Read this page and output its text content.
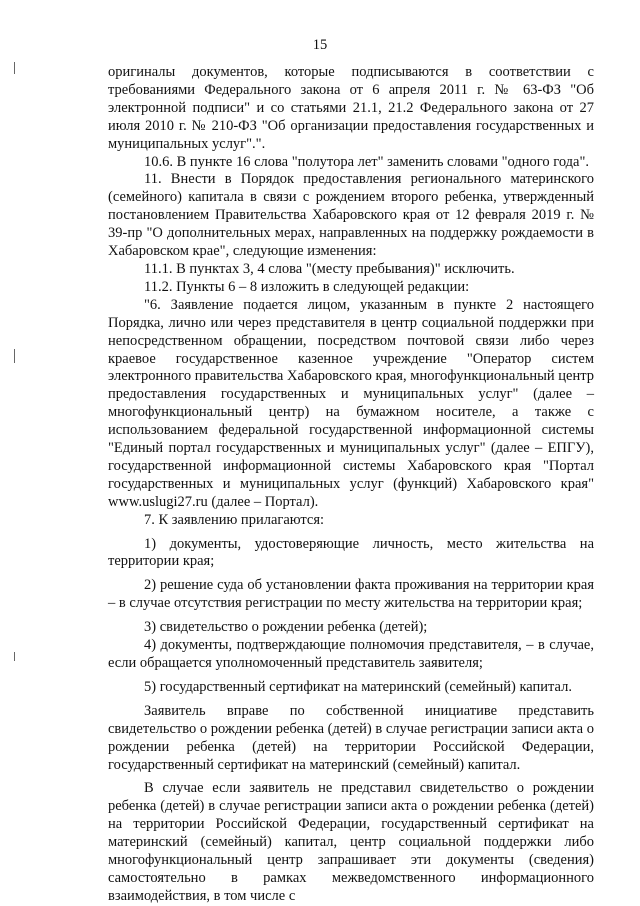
15

оригиналы документов, которые подписываются в соответствии с требованиями Федерального закона от 6 апреля 2011 г. № 63-ФЗ "Об электронной подписи" и со статьями 21.1, 21.2 Федерального закона от 27 июля 2010 г. № 210-ФЗ "Об организации предоставления государственных и муниципальных услуг".".

10.6. В пункте 16 слова "полутора лет" заменить словами "одного года".

11. Внести в Порядок предоставления регионального материнского (семейного) капитала в связи с рождением второго ребенка, утвержденный постановлением Правительства Хабаровского края от 12 февраля 2019 г. № 39-пр "О дополнительных мерах, направленных на поддержку рождаемости в Хабаровском крае", следующие изменения:

11.1. В пунктах 3, 4 слова "(месту пребывания)" исключить.

11.2. Пункты 6 – 8 изложить в следующей редакции:

"6. Заявление подается лицом, указанным в пункте 2 настоящего Порядка, лично или через представителя в центр социальной поддержки при непосредственном обращении, посредством почтовой связи либо через краевое государственное казенное учреждение "Оператор систем электронного правительства Хабаровского края, многофункциональный центр предоставления государственных и муниципальных услуг" (далее – многофункциональный центр) на бумажном носителе, а также с использованием федеральной государственной информационной системы "Единый портал государственных и муниципальных услуг" (далее – ЕПГУ), государственной информационной системы Хабаровского края "Портал государственных и муниципальных услуг (функций) Хабаровского края" www.uslugi27.ru (далее – Портал).

7. К заявлению прилагаются:

1) документы, удостоверяющие личность, место жительства на территории края;

2) решение суда об установлении факта проживания на территории края – в случае отсутствия регистрации по месту жительства на территории края;

3) свидетельство о рождении ребенка (детей);

4) документы, подтверждающие полномочия представителя, – в случае, если обращается уполномоченный представитель заявителя;

5) государственный сертификат на материнский (семейный) капитал.

Заявитель вправе по собственной инициативе представить свидетельство о рождении ребенка (детей) в случае регистрации записи акта о рождении ребенка (детей) на территории Российской Федерации, государственный сертификат на материнский (семейный) капитал.

В случае если заявитель не представил свидетельство о рождении ребенка (детей) в случае регистрации записи акта о рождении ребенка (детей) на территории Российской Федерации, государственный сертификат на материнский (семейный) капитал, центр социальной поддержки либо многофункциональный центр запрашивает эти документы (сведения) самостоятельно в рамках межведомственного информационного взаимодействия, в том числе с
